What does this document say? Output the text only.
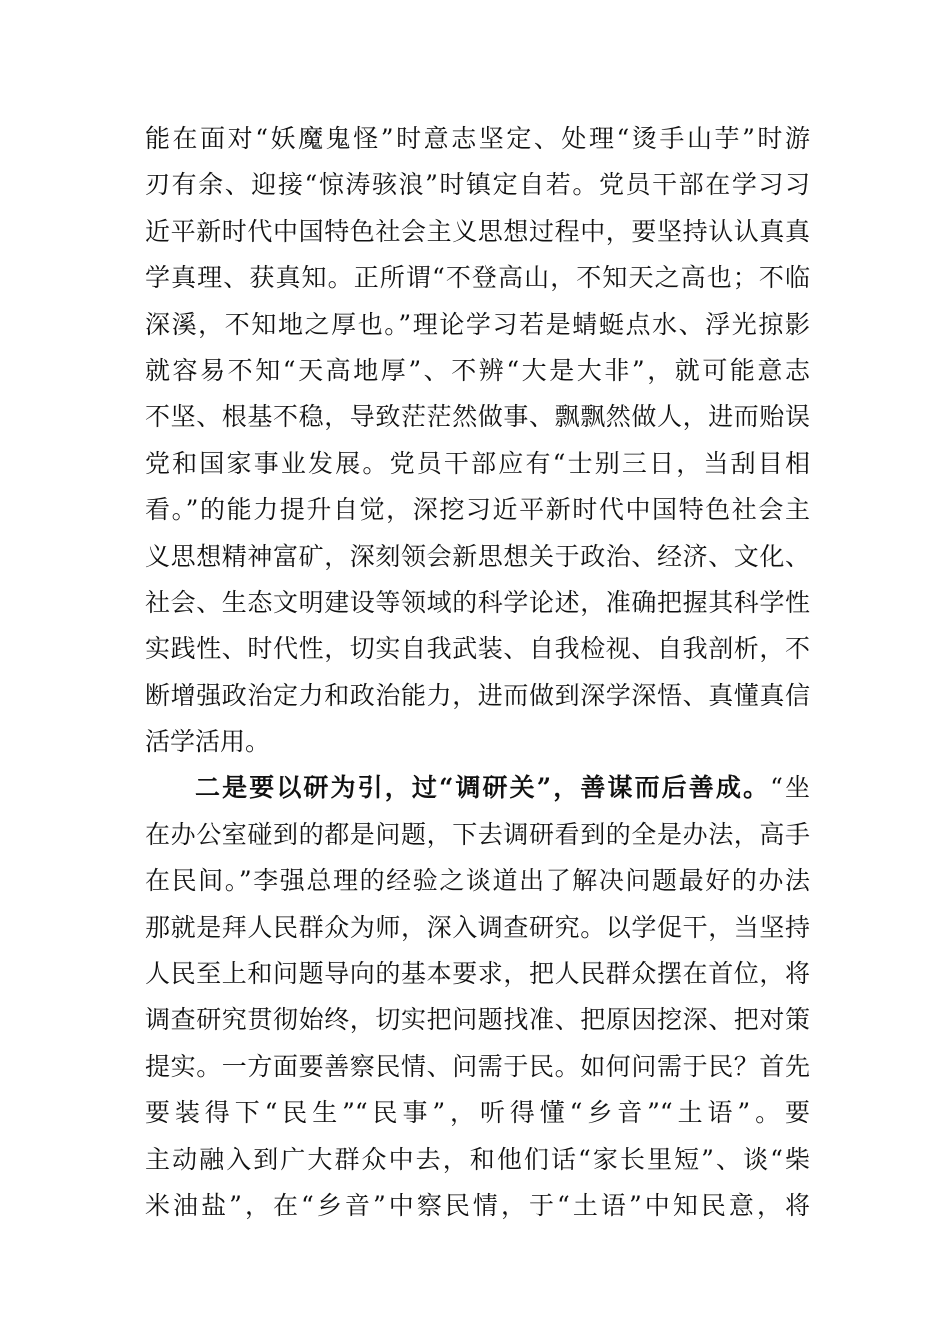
能在面对“妖魔鬼怪”时意志坚定、处理“烫手山芋”时游
刃有余、迎接“惊涛骇浪”时镇定自若。党员干部在学习习
近平新时代中国特色社会主义思想过程中，要坚持认认真真
学真理、获真知。正所谓“不登高山，不知天之高也；不临
深溪，不知地之厚也。”理论学习若是蜻蜓点水、浮光掠影
就容易不知“天高地厚”、不辨“大是大非”，就可能意志
不坚、根基不稳，导致茫茫然做事、飘飘然做人，进而贻误
党和国家事业发展。党员干部应有“士别三日，当刮目相
看。”的能力提升自觉，深挖习近平新时代中国特色社会主
义思想精神富矿，深刻领会新思想关于政治、经济、文化、
社会、生态文明建设等领域的科学论述，准确把握其科学性
实践性、时代性，切实自我武装、自我检视、自我剖析，不
断增强政治定力和政治能力，进而做到深学深悟、真懂真信
活学活用。
二是要以研为引，过“调研关”，善谋而后善成。“坐
在办公室碰到的都是问题，下去调研看到的全是办法，高手
在民间。”李强总理的经验之谈道出了解决问题最好的办法
那就是拜人民群众为师，深入调查研究。以学促干，当坚持
人民至上和问题导向的基本要求，把人民群众摆在首位，将
调查研究贯彻始终，切实把问题找准、把原因挖深、把对策
提实。一方面要善察民情、问需于民。如何问需于民？首先
要装得下“民生”“民事”，听得懂“乡音”“土语”。要
主动融入到广大群众中去，和他们话“家长里短”、谈“柴
米油盐”，在“乡音”中察民情，于“土语”中知民意，将
